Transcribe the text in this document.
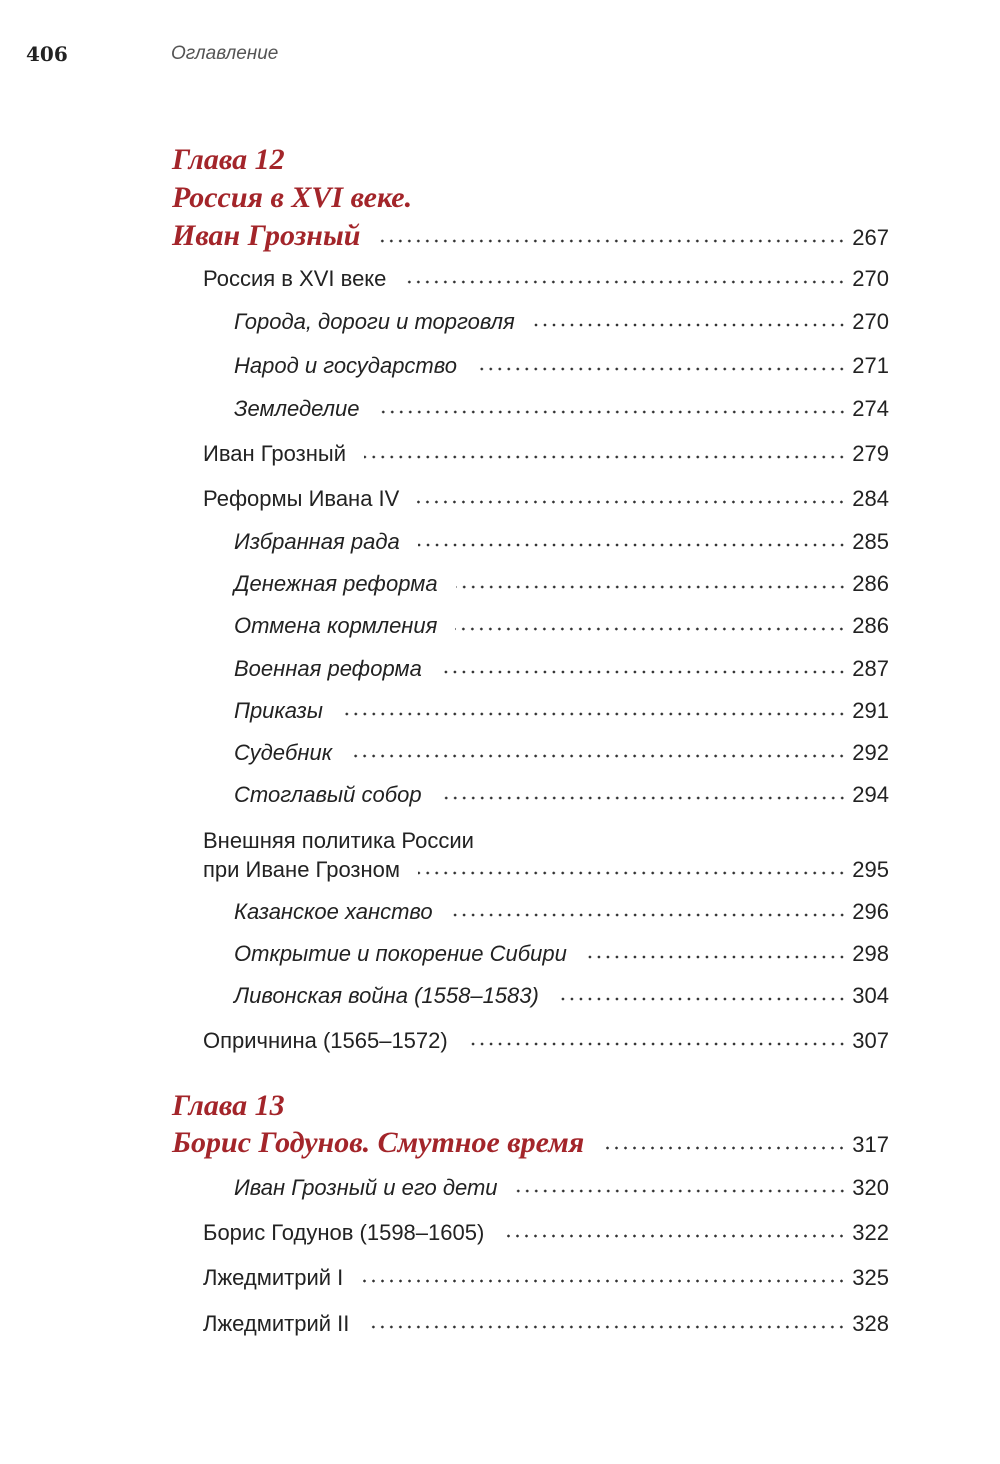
406	Оглавление
Глава 12
Россия в XVI веке.
Иван Грозный	267
Россия в XVI веке	270
Города, дороги и торговля	270
Народ и государство	271
Земледелие	274
Иван Грозный	279
Реформы Ивана IV	284
Избранная рада	285
Денежная реформа	286
Отмена кормления	286
Военная реформа	287
Приказы	291
Судебник	292
Стоглавый собор	294
Внешняя политика России
при Иване Грозном	295
Казанское ханство	296
Открытие и покорение Сибири	298
Ливонская война (1558–1583)	304
Опричнина (1565–1572)	307
Глава 13
Борис Годунов. Смутное время	317
Иван Грозный и его дети	320
Борис Годунов (1598–1605)	322
Лжедмитрий I	325
Лжедмитрий II	328
